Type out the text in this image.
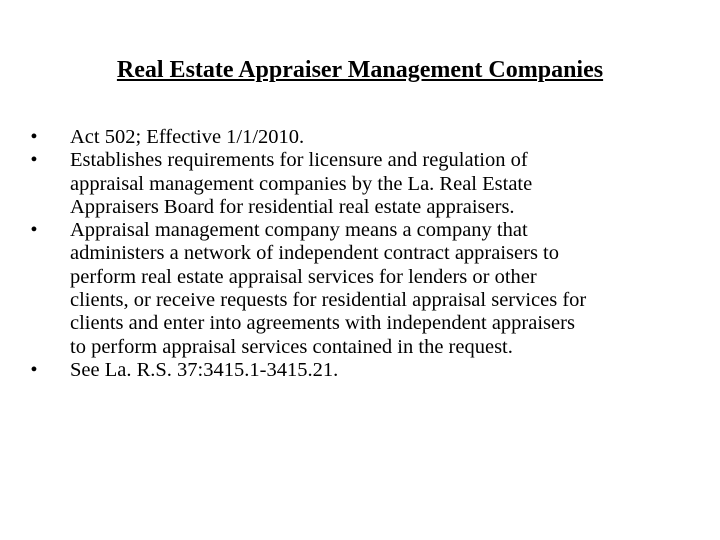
Real Estate Appraiser Management Companies
• Act 502; Effective 1/1/2010.
• Establishes requirements for licensure and regulation of
appraisal management companies by the La. Real Estate
Appraisers Board for residential real estate appraisers.
• Appraisal management company means a company that
administers a network of independent contract appraisers to
perform real estate appraisal services for lenders or other
clients, or receive requests for residential appraisal services for
clients and enter into agreements with independent appraisers
to perform appraisal services contained in the request.
• See La. R.S. 37:3415.1-3415.21.
